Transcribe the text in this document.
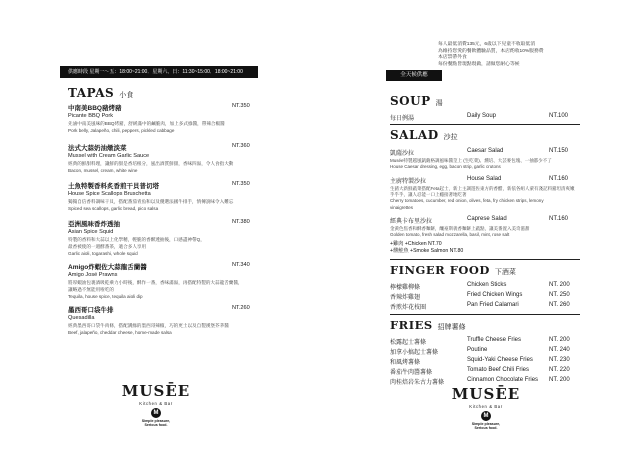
供應時段 星期一～五：18:00~21:00．星期六、日：11:30~15:00．18:00~21:00
TAPAS 小食
中南美BBQ豬烤豬
Picante BBQ Pork
先滷中南美風味的BBQ烤豬，舒緩滿中的鹹脆肉，加上多式綠醬，帶辣合椒醬
Pork belly, Jalapeño, chili, peppers, pickled cabbage
NT.350
法式大蒜奶油燉淡菜
Mussel with Cream Garlic Sauce
經典的鮮甜料理，讓鮮的甜是香培根分，風出酒質鮮甜，香味四溢，令人食指大動
Bacon, mussel, cream, white wine
NT.360
土魚特製香料炙香煎干貝普切塔
House Spice Scallops Bruschetta
獨獨自信香料調味干貝，搭配番茄青魚和以及優選法國牛排手，情傳說味令入難忘
Spiced sea scallops, garlic bread, pico salsa
NT.350
亞洲風味香炸透抽
Asian Spice Squid
特製的香料和大蒜以上化學精，輕脆的香酥透抽後，口感盡神帶Q，
最香被使的一週酵番茶，適合多人享用
Garlic aioli, togarashi, whole squid
NT.380
Amigo炸蝦佐大蒜龍舌蘭醬
Amigo José Prawns
將厚蝦油包裹酒吸乾乘力小時後，酥作一番，香味滿溢，再搭配特製的大蒜龍舌蘭醬，
讓略過不無能用啦吃的
Tequila, house spice, tequila aioli dip
NT.340
墨西哥口袋牛排
Quesadilla
經典墨西哥口袋牛肉條，搭配溝綠的墨西哥辣椒，巧的更土以及自製漢堡芥茅醬
Beef, jalapeño, cheddar cheese, home-made salsa
NT.260
MUSĒE
Kitchen & Bar
M
Simple pleasure,
Serious food.
每人最低消費135元，6歲以下兒童不收取低消
為維持您愛的餐飲體驗品質，本店酌收10%服務費
本店禁帶外食
每份餐點皆現點現做，請做您耐心等候
全天候供應
SOUP 湯
每日例湯	Daily Soup	NT.100
SALAD 沙拉
凱薩沙拉	Caesar Salad	NT.150
Musée特製越風凱薩格調風味醬莖上 (生吃菜)、燻培、大芸麥包塊、一抽都少不了
House Caesar dressing, egg, bacon strip, garlic crutons
主廚特製沙拉	House Salad	NT.160
生豬大新鮮蔬菜搭配Feta起士，新上主調遊佐東方的香醋，新依各組人蒙有淺記料豬坦清爽嫩
乎乎乎，讓人忍能一口上癮接著地吃著
Cherry tomatoes, cucumber, red onion, olives, feta, fry chicken strips, lemony
vinaigrettes
經典卡布里沙拉	Caprese Salad	NT.160
金黃色焦香和酥香麵餅，釀豪斯義香麵餅上蔬點，讓美番置入美奇滋甜
Golden tomato, fresh salad mozzarella, basil, mint, rose salt
+雞肉 +Chicken NT.70
+燻鮭魚 +Smoke Salmon NT.80
FINGER FOOD 下酒菜
檸檬雞柳條	Chicken Sticks	NT. 200
香辣炸雞翅	Fried Chicken Wings	NT. 250
香煎炸花枝圈	Pan Fried Calamari	NT. 260
FRIES 招牌薯條
松露起士薯條	Truffle Cheese Fries	NT. 200
加拿小搞起士薯條	Poutine	NT. 240
和風烤薯條	Squid-Yaki Cheese Fries	NT. 230
番茄牛肉醬薯條	Tomato Beef Chili Fries	NT. 220
肉桂焙岩朱古力薯條	Cinnamon Chocolate Fries NT. 200
MUSĒE
Kitchen & Bar
M
Simple pleasure,
Serious food.
